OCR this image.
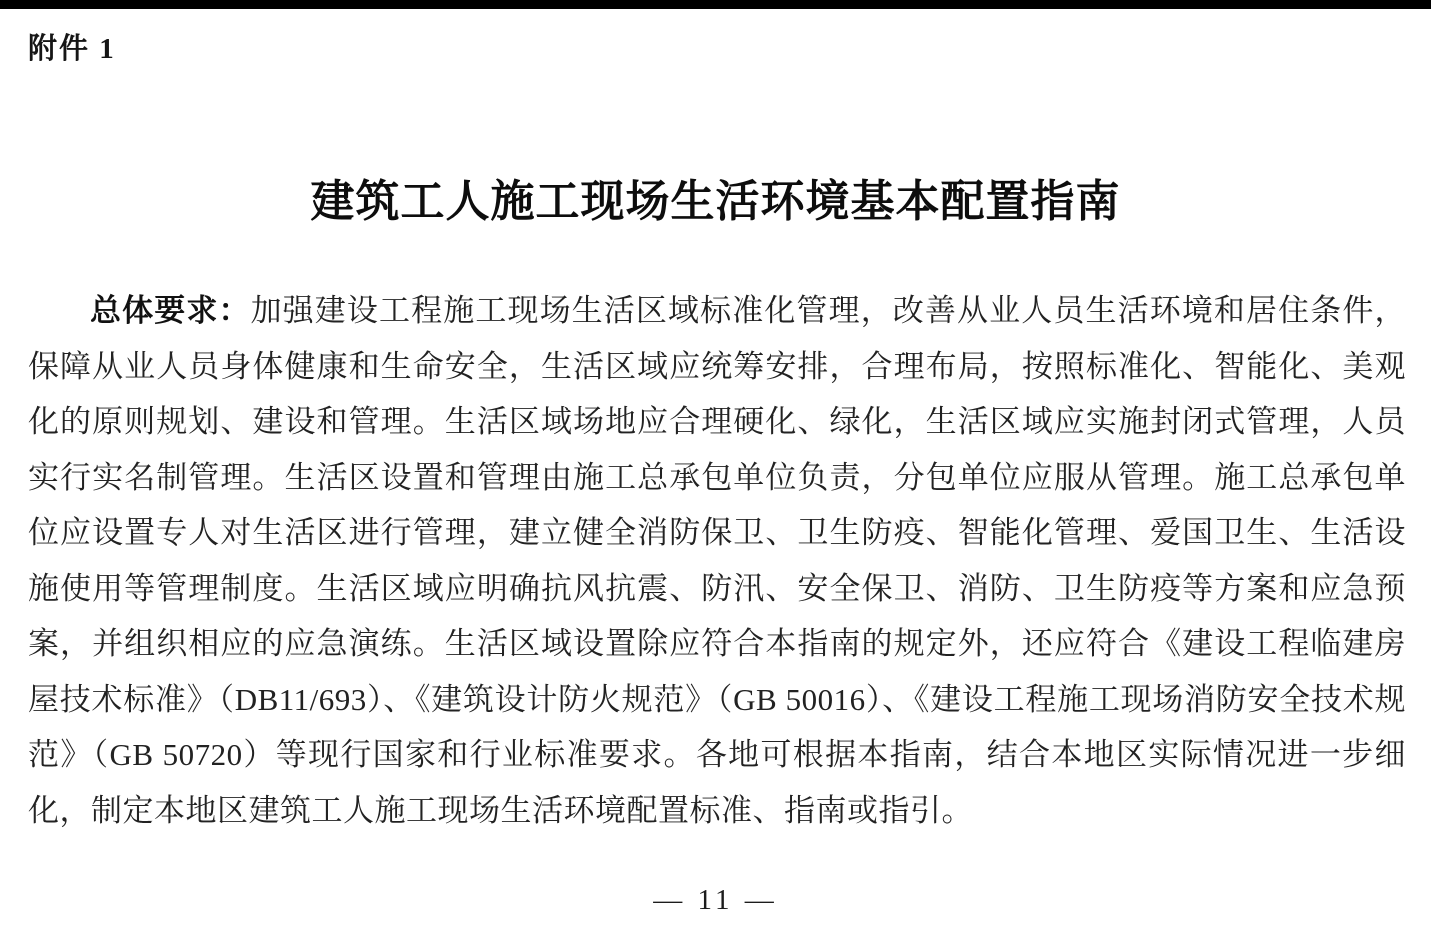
附件 1
建筑工人施工现场生活环境基本配置指南

总体要求：加强建设工程施工现场生活区域标准化管理，改善从业人员生活环境和居住条件，保障从业人员身体健康和生命安全，生活区域应统筹安排，合理布局，按照标准化、智能化、美观化的原则规划、建设和管理。生活区域场地应合理硬化、绿化，生活区域应实施封闭式管理，人员实行实名制管理。生活区设置和管理由施工总承包单位负责，分包单位应服从管理。施工总承包单位应设置专人对生活区进行管理，建立健全消防保卫、卫生防疫、智能化管理、爱国卫生、生活设施使用等管理制度。生活区域应明确抗风抗震、防汛、安全保卫、消防、卫生防疫等方案和应急预案，并组织相应的应急演练。生活区域设置除应符合本指南的规定外，还应符合《建设工程临建房屋技术标准》（DB11/693）、《建筑设计防火规范》（GB 50016）、《建设工程施工现场消防安全技术规范》（GB 50720）等现行国家和行业标准要求。各地可根据本指南，结合本地区实际情况进一步细化，制定本地区建筑工人施工现场生活环境配置标准、指南或指引。

— 11 —
